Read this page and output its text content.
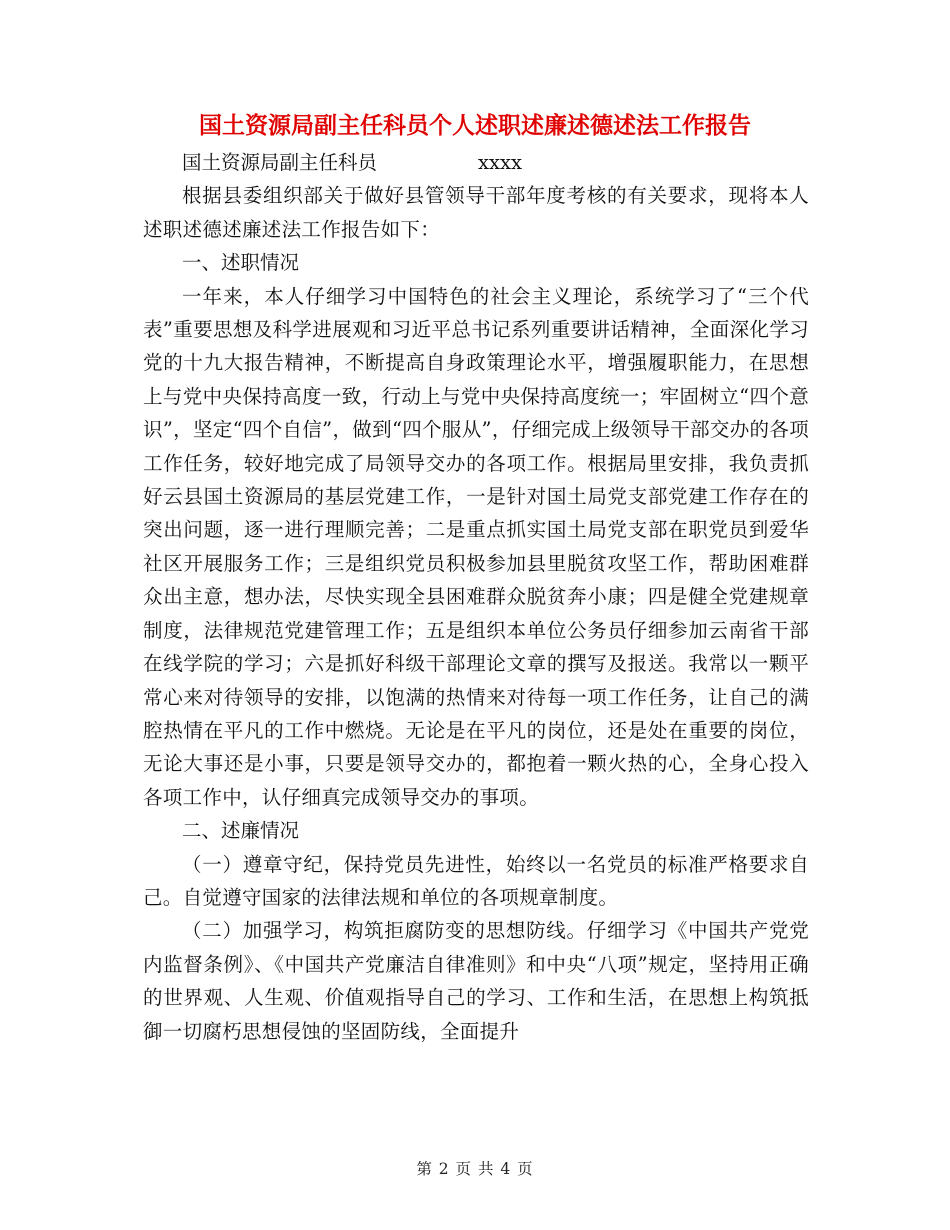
国土资源局副主任科员个人述职述廉述德述法工作报告

国土资源局副主任科员	xxxx

根据县委组织部关于做好县管领导干部年度考核的有关要求，现将本人述职述德述廉述法工作报告如下：

一、述职情况

一年来，本人仔细学习中国特色的社会主义理论，系统学习了“三个代表”重要思想及科学进展观和习近平总书记系列重要讲话精神，全面深化学习党的十九大报告精神，不断提高自身政策理论水平，增强履职能力，在思想上与党中央保持高度一致，行动上与党中央保持高度统一；牢固树立“四个意识”，坚定“四个自信”，做到“四个服从”，仔细完成上级领导干部交办的各项工作任务，较好地完成了局领导交办的各项工作。根据局里安排，我负责抓好云县国土资源局的基层党建工作，一是针对国土局党支部党建工作存在的突出问题，逐一进行理顺完善；二是重点抓实国土局党支部在职党员到爱华社区开展服务工作；三是组织党员积极参加县里脱贫攻坚工作，帮助困难群众出主意，想办法，尽快实现全县困难群众脱贫奔小康；四是健全党建规章制度，法律规范党建管理工作；五是组织本单位公务员仔细参加云南省干部在线学院的学习；六是抓好科级干部理论文章的撰写及报送。我常以一颗平常心来对待领导的安排，以饱满的热情来对待每一项工作任务，让自己的满腔热情在平凡的工作中燃烧。无论是在平凡的岗位，还是处在重要的岗位，无论大事还是小事，只要是领导交办的，都抱着一颗火热的心，全身心投入各项工作中，认仔细真完成领导交办的事项。

二、述廉情况

（一）遵章守纪，保持党员先进性，始终以一名党员的标准严格要求自己。自觉遵守国家的法律法规和单位的各项规章制度。

（二）加强学习，构筑拒腐防变的思想防线。仔细学习《中国共产党党内监督条例》、《中国共产党廉洁自律准则》和中央“八项”规定，坚持用正确的世界观、人生观、价值观指导自己的学习、工作和生活，在思想上构筑抵御一切腐朽思想侵蚀的坚固防线，全面提升

第 2 页 共 4 页
